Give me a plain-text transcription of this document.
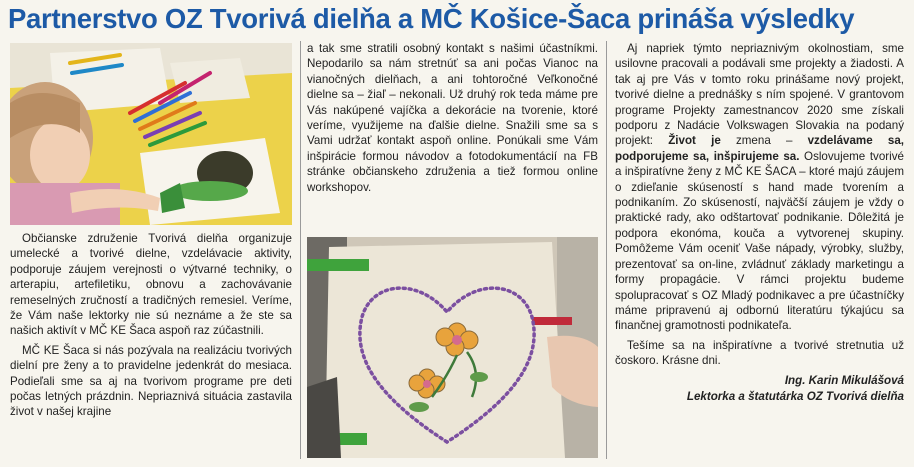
Partnerstvo OZ Tvorivá dielňa a MČ Košice-Šaca prináša výsledky

Občianske združenie Tvorivá dielňa organizuje umelecké a tvorivé dielne, vzdelávacie aktivity, podporuje záujem verejnosti o výtvarné techniky, o arterapiu, artefiletiku, obnovu a zachovávanie remeselných zručností a tradičných remesiel. Veríme, že Vám naše lektorky nie sú neznáme a že ste sa našich aktivít v MČ KE Šaca aspoň raz zúčastnili.

MČ KE Šaca si nás pozývala na realizáciu tvorivých dielní pre ženy a to pravidelne jedenkrát do mesiaca. Podieľali sme sa aj na tvorivom programe pre deti počas letných prázdnin. Nepriaznivá situácia zastavila život v našej krajine

a tak sme stratili osobný kontakt s našimi účastníkmi. Nepodarilo sa nám stretnúť sa ani počas Vianoc na vianočných dielňach, a ani tohtoročné Veľkonočné dielne sa – žiaľ – nekonali. Už druhý rok teda máme pre Vás nakúpené vajíčka a dekorácie na tvorenie, ktoré veríme, využijeme na ďalšie dielne. Snažili sme sa s Vami udržať kontakt aspoň online. Ponúkali sme Vám inšpirácie formou návodov a fotodokumentácií na FB stránke občianskeho združenia a tiež formou online workshopov.

Aj napriek týmto nepriaznivým okolnostiam, sme usilovne pracovali a podávali sme projekty a žiadosti. A tak aj pre Vás v tomto roku prinášame nový projekt, tvorivé dielne a prednášky s ním spojené. V grantovom programe Projekty zamestnancov 2020 sme získali podporu z Nadácie Volkswagen Slovakia na podaný projekt: Život je zmena – vzdelávame sa, podporujeme sa, inšpirujeme sa. Oslovujeme tvorivé a inšpiratívne ženy z MČ KE ŠACA – ktoré majú záujem o zdieľanie skúseností s hand made tvorením a podnikaním. Zo skúseností, najväčší záujem je vždy o praktické rady, ako odštartovať podnikanie. Dôležitá je podpora ekonóma, kouča a vytvorenej skupiny. Pomôžeme Vám oceniť Vaše nápady, výrobky, služby, prezentovať sa on-line, zvládnuť základy marketingu a formy propagácie. V rámci projektu budeme spolupracovať s OZ Mladý podnikavec a pre účastníčky máme pripravenú aj odbornú literatúru týkajúcu sa finančnej gramotnosti podnikateľa.

Tešíme sa na inšpiratívne a tvorivé stretnutia už čoskoro. Krásne dni.

Ing. Karin Mikulášová
Lektorka a štatutárka OZ Tvorivá dielňa
